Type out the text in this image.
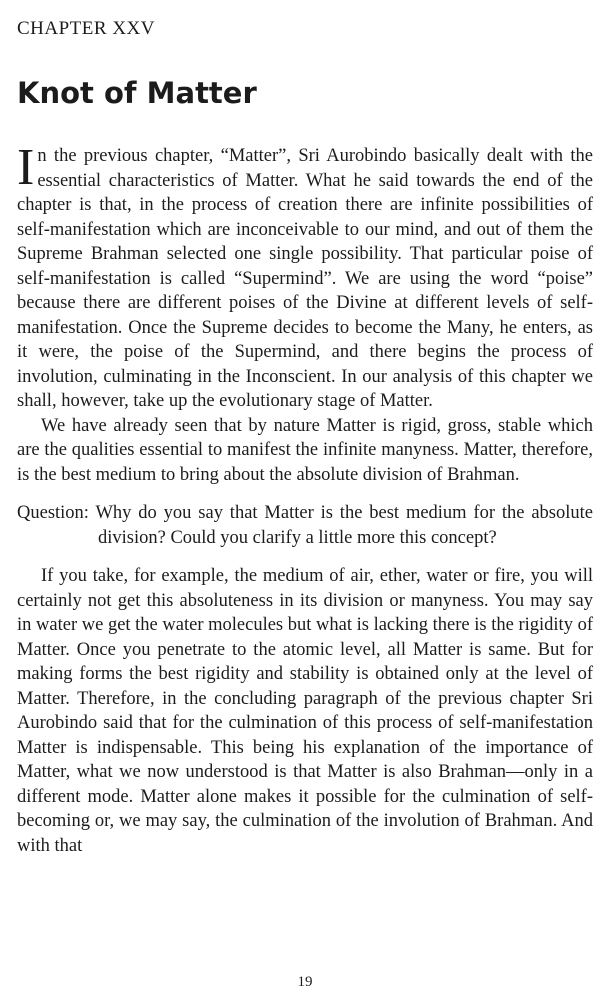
CHAPTER XXV
Knot of Matter

In the previous chapter, “Matter”, Sri Aurobindo basically dealt with the essential characteristics of Matter. What he said towards the end of the chapter is that, in the process of creation there are infinite possibilities of self-manifestation which are inconceivable to our mind, and out of them the Supreme Brahman selected one single possibility. That particular poise of self-manifestation is called “Supermind”. We are using the word “poise” because there are different poises of the Divine at different levels of self-manifestation. Once the Supreme decides to become the Many, he enters, as it were, the poise of the Supermind, and there begins the process of involution, culminating in the Inconscient. In our analysis of this chapter we shall, however, take up the evolutionary stage of Matter.

We have already seen that by nature Matter is rigid, gross, stable which are the qualities essential to manifest the infinite manyness. Matter, therefore, is the best medium to bring about the absolute division of Brahman.

Question: Why do you say that Matter is the best medium for the absolute division? Could you clarify a little more this concept?

If you take, for example, the medium of air, ether, water or fire, you will certainly not get this absoluteness in its division or manyness. You may say in water we get the water molecules but what is lacking there is the rigidity of Matter. Once you penetrate to the atomic level, all Matter is same. But for making forms the best rigidity and stability is obtained only at the level of Matter. Therefore, in the concluding paragraph of the previous chapter Sri Aurobindo said that for the culmination of this process of self-manifestation Matter is indispensable. This being his explanation of the importance of Matter, what we now understood is that Matter is also Brahman—only in a different mode. Matter alone makes it possible for the culmination of self-becoming or, we may say, the culmination of the involution of Brahman. And with that

19
